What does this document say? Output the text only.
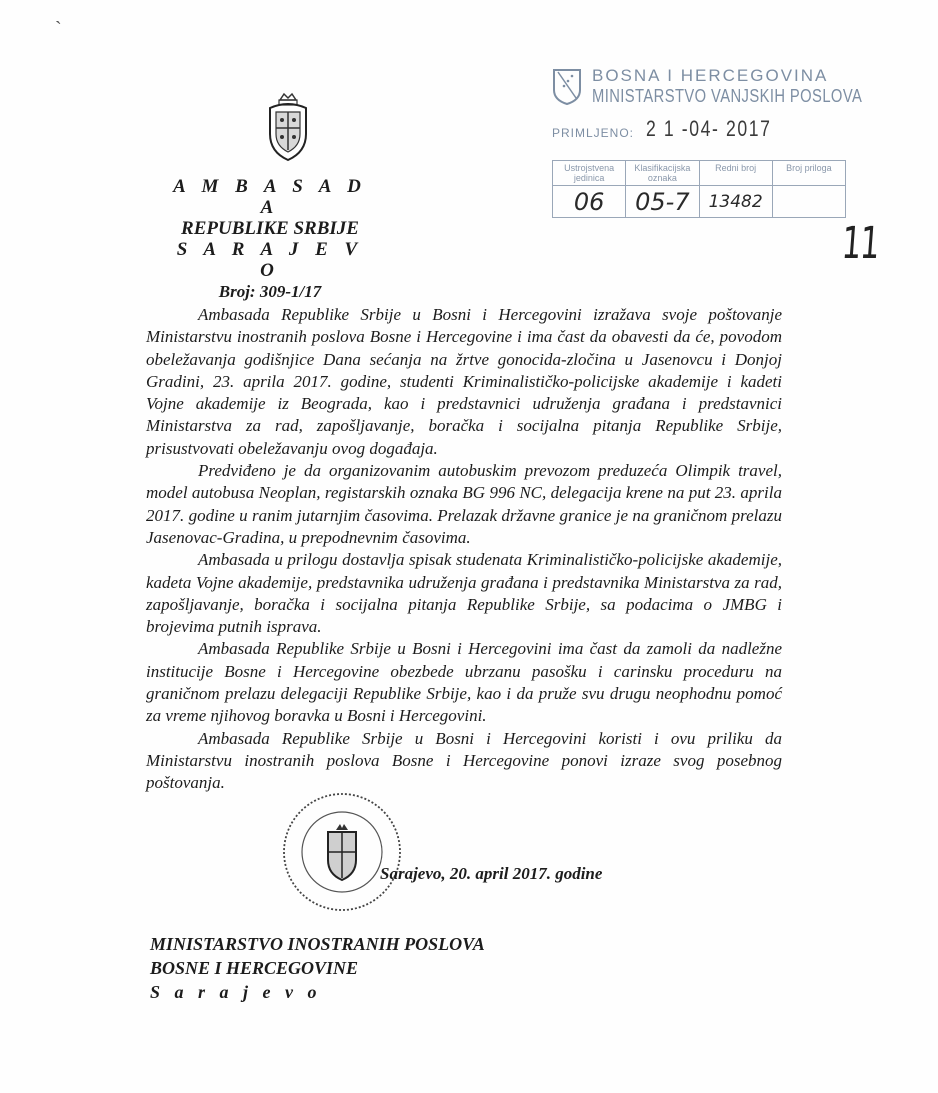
ˋ
A M B A S A D A
REPUBLIKE SRBIJE
S A R A J E V O
Broj: 309-1/17
BOSNA I HERCEGOVINA
MINISTARSTVO VANJSKIH POSLOVA
PRIMLJENO: 2 1 -04- 2017
Ustrojstvena jedinica
06
Klasifikacijska oznaka
05-7
Redni broj
13482
Broj priloga
11

Ambasada Republike Srbije u Bosni i Hercegovini izražava svoje poštovanje Ministarstvu inostranih poslova Bosne i Hercegovine i ima čast da obavesti da će, povodom obeležavanja godišnjice Dana sećanja na žrtve gonocida-zločina u Jasenovcu i Donjoj Gradini, 23. aprila 2017. godine, studenti Kriminalističko-policijske akademije i kadeti Vojne akademije iz Beograda, kao i predstavnici udruženja građana i predstavnici Ministarstva za rad, zapošljavanje, boračka i socijalna pitanja Republike Srbije, prisustvovati obeležavanju ovog događaja.

Predviđeno je da organizovanim autobuskim prevozom preduzeća Olimpik travel, model autobusa Neoplan, registarskih oznaka BG 996 NC, delegacija krene na put 23. aprila 2017. godine u ranim jutarnjim časovima. Prelazak državne granice je na graničnom prelazu Jasenovac-Gradina, u prepodnevnim časovima.

Ambasada u prilogu dostavlja spisak studenata Kriminalističko-policijske akademije, kadeta Vojne akademije, predstavnika udruženja građana i predstavnika Ministarstva za rad, zapošljavanje, boračka i socijalna pitanja Republike Srbije, sa podacima o JMBG i brojevima putnih isprava.

Ambasada Republike Srbije u Bosni i Hercegovini ima čast da zamoli da nadležne institucije Bosne i Hercegovine obezbede ubrzanu pasošku i carinsku proceduru na graničnom prelazu delegaciji Republike Srbije, kao i da pruže svu drugu neophodnu pomoć za vreme njihovog boravka u Bosni i Hercegovini.

Ambasada Republike Srbije u Bosni i Hercegovini koristi i ovu priliku da Ministarstvu inostranih poslova Bosne i Hercegovine ponovi izraze svog posebnog poštovanja.

Sarajevo, 20. april 2017. godine
MINISTARSTVO INOSTRANIH POSLOVA
BOSNE I HERCEGOVINE
S a r a j e v o
